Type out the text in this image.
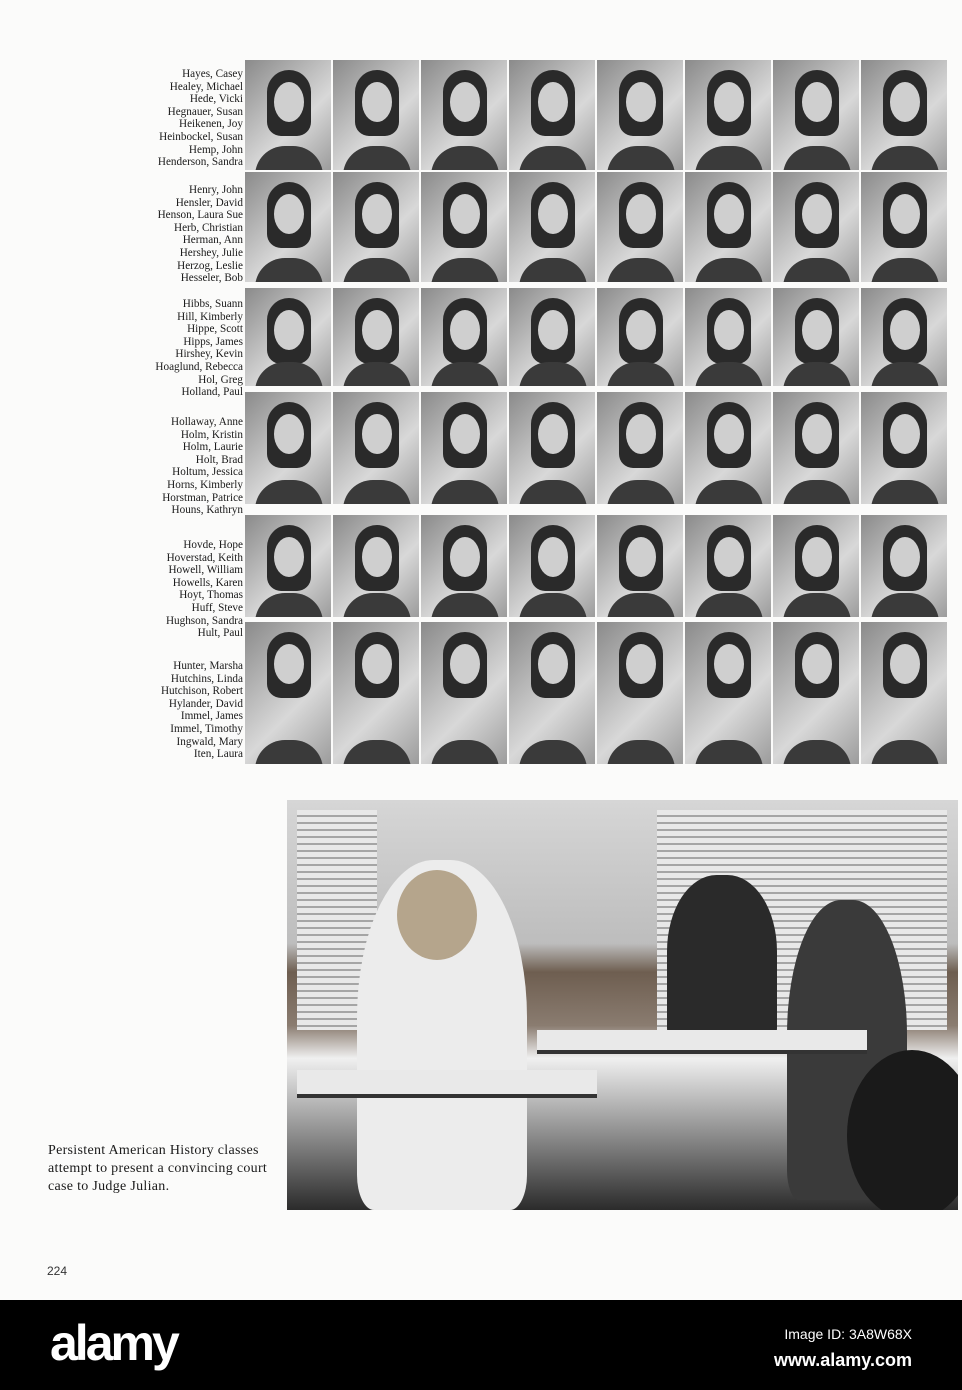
Hayes, Casey
Healey, Michael
Hede, Vicki
Hegnauer, Susan
Heikenen, Joy
Heinbockel, Susan
Hemp, John
Henderson, Sandra
Henry, John
Hensler, David
Henson, Laura Sue
Herb, Christian
Herman, Ann
Hershey, Julie
Herzog, Leslie
Hesseler, Bob
Hibbs, Suann
Hill, Kimberly
Hippe, Scott
Hipps, James
Hirshey, Kevin
Hoaglund, Rebecca
Hol, Greg
Holland, Paul
Hollaway, Anne
Holm, Kristin
Holm, Laurie
Holt, Brad
Holtum, Jessica
Horns, Kimberly
Horstman, Patrice
Houns, Kathryn
Hovde, Hope
Hoverstad, Keith
Howell, William
Howells, Karen
Hoyt, Thomas
Huff, Steve
Hughson, Sandra
Hult, Paul
Hunter, Marsha
Hutchins, Linda
Hutchison, Robert
Hylander, David
Immel, James
Immel, Timothy
Ingwald, Mary
Iten, Laura
Persistent American History classes attempt to present a convincing court case to Judge Julian.
224
alamy	Image ID: 3A8W68X
www.alamy.com
